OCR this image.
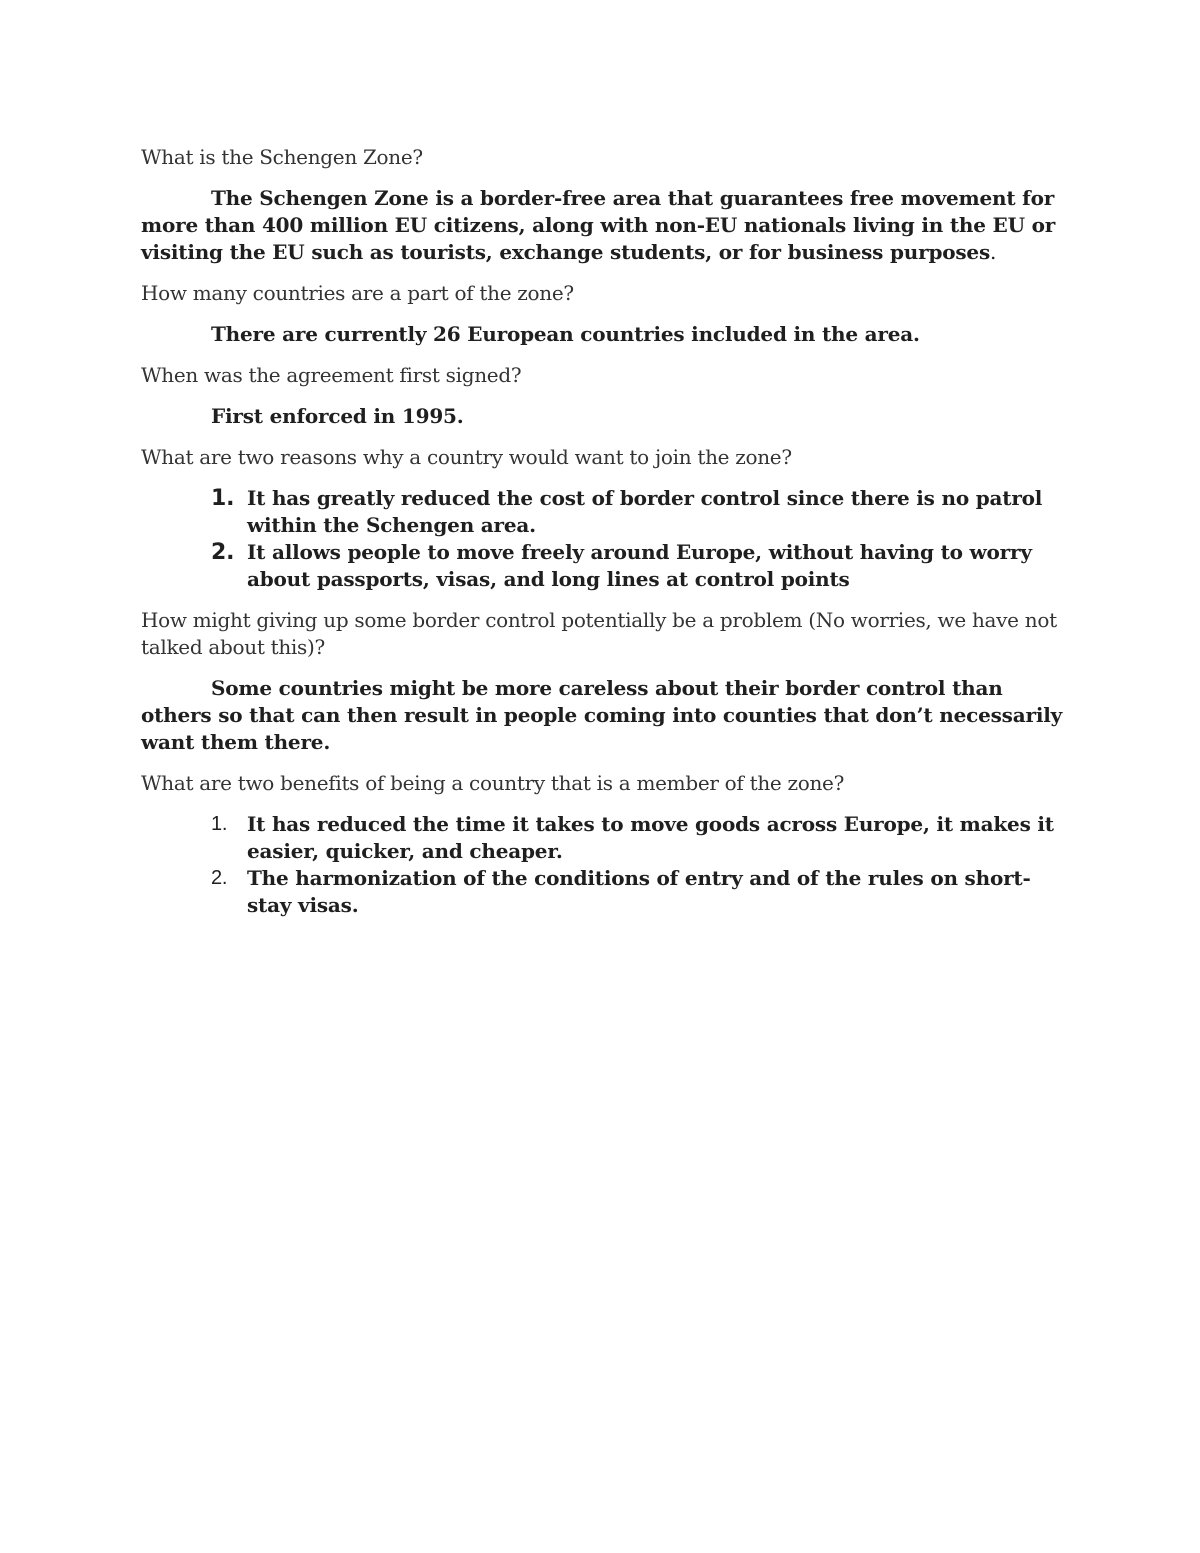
What is the Schengen Zone?

The Schengen Zone is a border-free area that guarantees free movement for more than 400 million EU citizens, along with non-EU nationals living in the EU or visiting the EU such as tourists, exchange students, or for business purposes.

How many countries are a part of the zone?

There are currently 26 European countries included in the area.

When was the agreement first signed?

First enforced in 1995.

What are two reasons why a country would want to join the zone?

1. It has greatly reduced the cost of border control since there is no patrol within the Schengen area.
2. It allows people to move freely around Europe, without having to worry about passports, visas, and long lines at control points

How might giving up some border control potentially be a problem (No worries, we have not talked about this)?

Some countries might be more careless about their border control than others so that can then result in people coming into counties that don’t necessarily want them there.

What are two benefits of being a country that is a member of the zone?

1. It has reduced the time it takes to move goods across Europe, it makes it easier, quicker, and cheaper.
2. The harmonization of the conditions of entry and of the rules on short-stay visas.
